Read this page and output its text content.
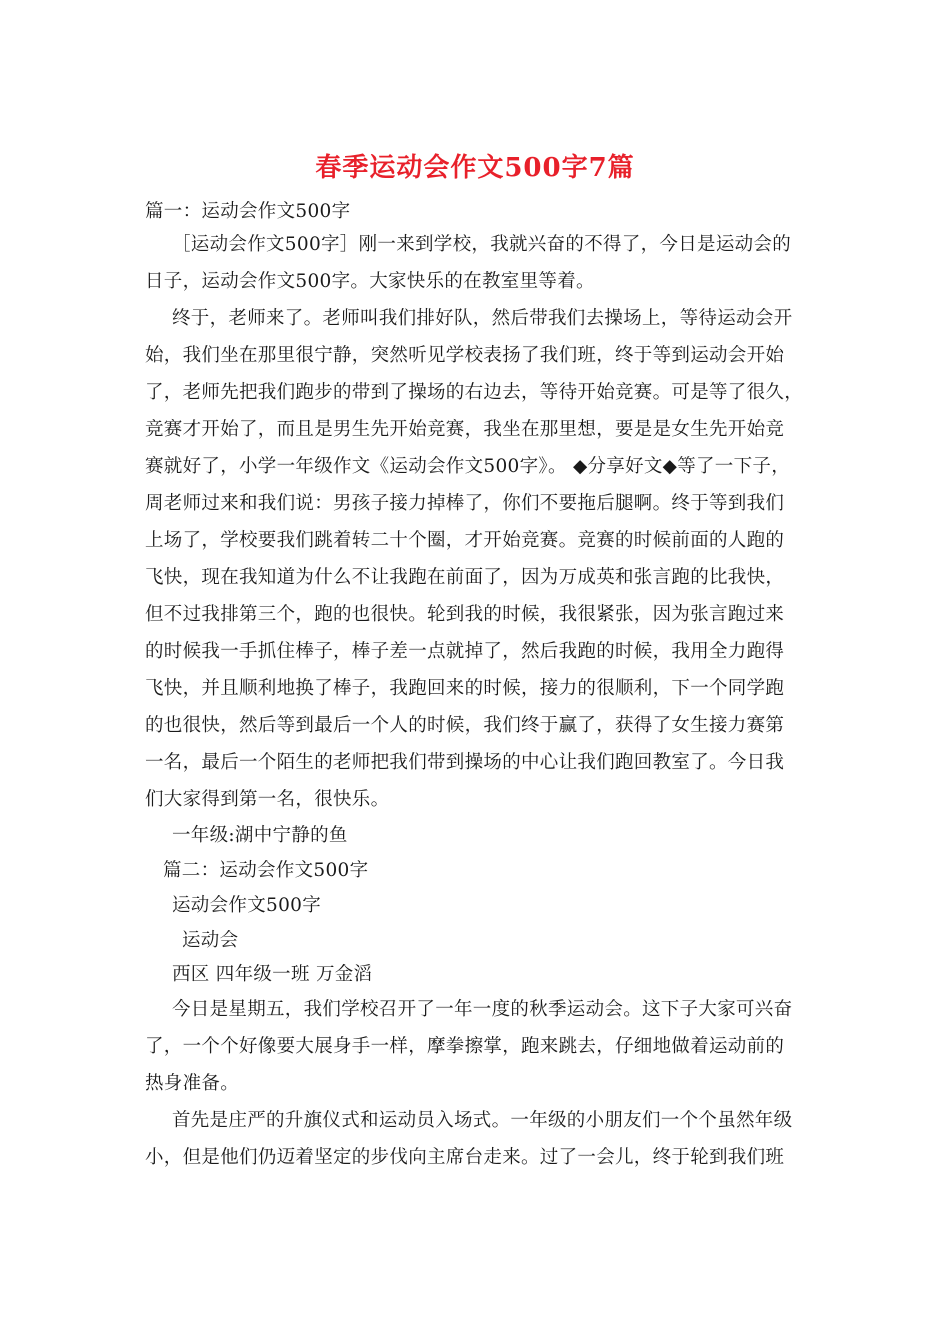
春季运动会作文500字7篇
篇一：运动会作文500字
［运动会作文500字］刚一来到学校，我就兴奋的不得了，今日是运动会的
日子，运动会作文500字。大家快乐的在教室里等着。
终于，老师来了。老师叫我们排好队，然后带我们去操场上，等待运动会开
始，我们坐在那里很宁静，突然听见学校表扬了我们班，终于等到运动会开始
了，老师先把我们跑步的带到了操场的右边去，等待开始竞赛。可是等了很久，
竞赛才开始了，而且是男生先开始竞赛，我坐在那里想，要是是女生先开始竞
赛就好了，小学一年级作文《运动会作文500字》。 ◆分享好文◆等了一下子，
周老师过来和我们说：男孩子接力掉棒了，你们不要拖后腿啊。终于等到我们
上场了，学校要我们跳着转二十个圈，才开始竞赛。竞赛的时候前面的人跑的
飞快，现在我知道为什么不让我跑在前面了，因为万成英和张言跑的比我快，
但不过我排第三个，跑的也很快。轮到我的时候，我很紧张，因为张言跑过来
的时候我一手抓住棒子，棒子差一点就掉了，然后我跑的时候，我用全力跑得
飞快，并且顺利地换了棒子，我跑回来的时候，接力的很顺利，下一个同学跑
的也很快，然后等到最后一个人的时候，我们终于赢了，获得了女生接力赛第
一名，最后一个陌生的老师把我们带到操场的中心让我们跑回教室了。今日我
们大家得到第一名，很快乐。
一年级:湖中宁静的鱼
篇二：运动会作文500字
运动会作文500字
运动会
西区 四年级一班 万金滔
今日是星期五，我们学校召开了一年一度的秋季运动会。这下子大家可兴奋
了，一个个好像要大展身手一样，摩拳擦掌，跑来跳去，仔细地做着运动前的
热身准备。
首先是庄严的升旗仪式和运动员入场式。一年级的小朋友们一个个虽然年级
小，但是他们仍迈着坚定的步伐向主席台走来。过了一会儿，终于轮到我们班
